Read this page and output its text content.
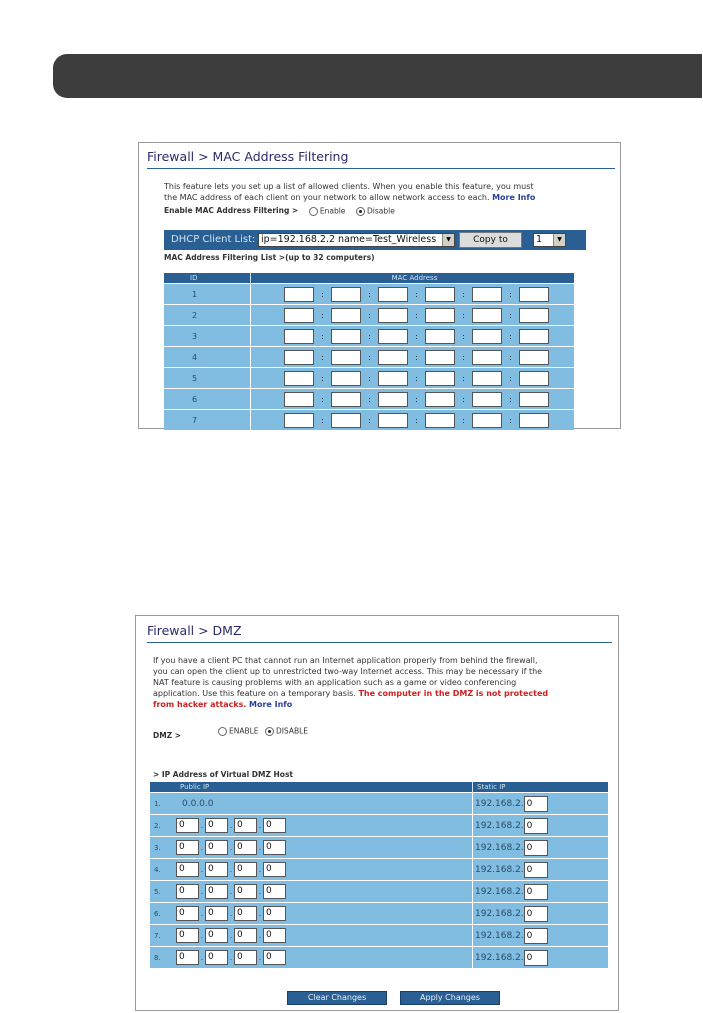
Firewall > MAC Address Filtering
This feature lets you set up a list of allowed clients. When you enable this feature, you must
the MAC address of each client on your network to allow network access to each. More Info
Enable MAC Address Filtering >	Enable	Disable
DHCP Client List: ip=192.168.2.2 name=Test_Wireless	▼	Copy to	1	▼
MAC Address Filtering List >(up to 32 computers)
ID	MAC Address
1	: : : : :
2	: : : : :
3	: : : : :
4	: : : : :
5	: : : : :
6	: : : : :
7	: : : : :
Firewall > DMZ
If you have a client PC that cannot run an Internet application properly from behind the firewall,
you can open the client up to unrestricted two-way Internet access. This may be necessary if the
NAT feature is causing problems with an application such as a game or video conferencing
application. Use this feature on a temporary basis. The computer in the DMZ is not protected
from hacker attacks. More Info
DMZ >	ENABLE DISABLE
> IP Address of Virtual DMZ Host
	Public IP	Static IP
1.	0.0.0.0	192.168.2. 0
2.	0 . 0 . 0 . 0	192.168.2. 0
3.	0 . 0 . 0 . 0	192.168.2. 0
4.	0 . 0 . 0 . 0	192.168.2. 0
5.	0 . 0 . 0 . 0	192.168.2. 0
6.	0 . 0 . 0 . 0	192.168.2. 0
7.	0 . 0 . 0 . 0	192.168.2. 0
8.	0 . 0 . 0 . 0	192.168.2. 0
Clear Changes	Apply Changes
